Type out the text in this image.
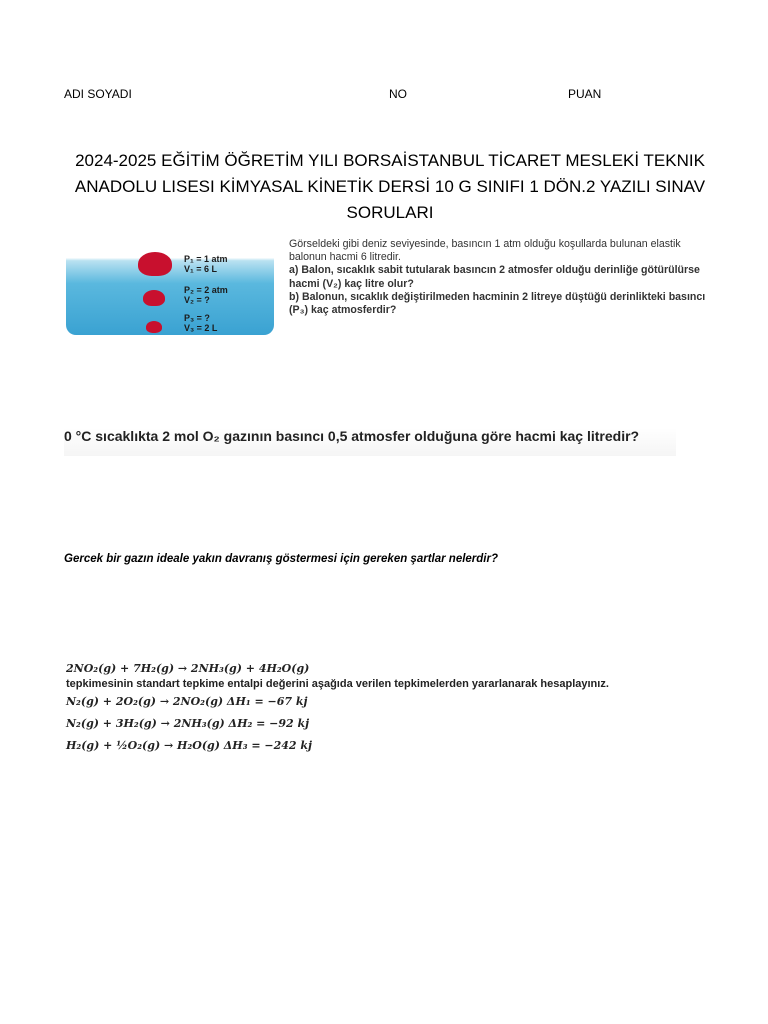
ADI SOYADI	NO	PUAN
2024-2025 EĞİTİM ÖĞRETİM YILI BORSAİSTANBUL TİCARET MESLEKİ TEKNIK ANADOLU LISESI KİMYASAL KİNETİK DERSİ 10 G SINIFI 1 DÖN.2 YAZILI SINAV SORULARI
P₁ = 1 atm
V₁ = 6 L
P₂ = 2 atm
V₂ = ?
P₃ = ?
V₃ = 2 L
Görseldeki gibi deniz seviyesinde, basıncın 1 atm olduğu koşullarda bulunan elastik balonun hacmi 6 litredir.
a) Balon, sıcaklık sabit tutularak basıncın 2 atmosfer olduğu derinliğe götürülürse hacmi (V₂) kaç litre olur?
b) Balonun, sıcaklık değiştirilmeden hacminin 2 litreye düştüğü derinlikteki basıncı (P₃) kaç atmosferdir?
0 °C sıcaklıkta 2 mol O₂ gazının basıncı 0,5 atmosfer olduğuna göre hacmi kaç litredir?
Gercek bir gazın ideale yakın davranış göstermesi için gereken şartlar nelerdir?
2NO₂(g) + 7H₂(g) → 2NH₃(g) + 4H₂O(g)
tepkimesinin standart tepkime entalpi değerini aşağıda verilen tepkimelerden yararlanarak hesaplayınız.
N₂(g) + 2O₂(g) → 2NO₂(g) ΔH₁ = −67 kj
N₂(g) + 3H₂(g) → 2NH₃(g) ΔH₂ = −92 kj
H₂(g) + ½O₂(g) → H₂O(g) ΔH₃ = −242 kj
